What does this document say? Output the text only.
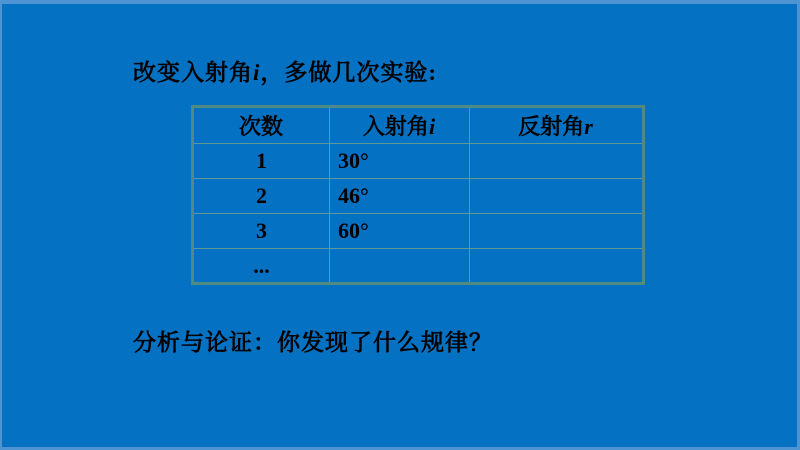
改变入射角i，多做几次实验:
次数	入射角i	反射角r
1	30°	
2	46°	
3	60°	
...		
分析与论证：你发现了什么规律？
